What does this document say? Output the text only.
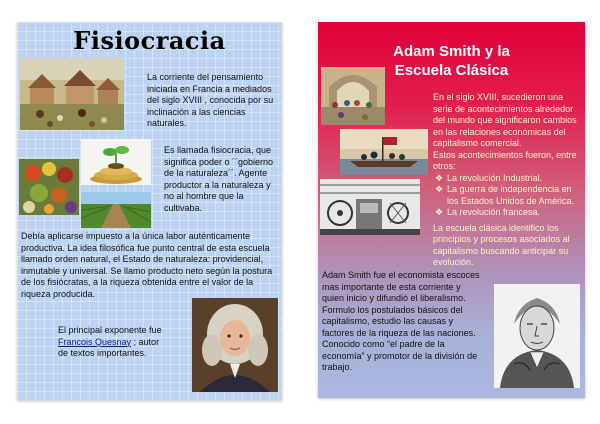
Fisiocracia
La corriente del pensamiento iniciada en Francia a mediados del siglo XVIII , conocida por su inclinación a las ciencias naturales.
Es llamada fisiocracia, que significa poder o ´´gobierno de la naturaleza´´. Agente productor a la naturaleza y no al hombre que la cultivaba.
Debía aplicarse impuesto a la única labor auténticamente productiva. La idea filosófica fue punto central de esta escuela llamado orden natural, el Estado de naturaleza: providencial, inmutable y universal. Se llamo producto neto según la postura de los fisiócratas, a la riqueza obtenida entre el valor de la riqueza producida.
El principal exponente fue Francois Quesnay ; autor de textos importantes.
Adam Smith y la
Escuela Clásica
En el siglo XVIII, sucedieron una serie de acontecimientos alrededor del mundo que significaron cambios en las relaciones económicas del capitalismo comercial.
Estos acontecimientos fueron, entre otros:
❖ La revolución Industrial.
❖ La guerra de independencia en los Estados Unidos de América.
❖ La revolución francesa.
La escuela clásica identifico los principios y procesos asociados al capitalismo buscando anticipar su evolución.
Adam Smith fue el economista escoces mas importante de esta corriente y quien inicio y difundió el liberalismo. Formulo los postulados básicos del capitalismo, estudio las causas y factores de la riqueza de las naciones. Conocido como “el padre de la economía” y promotor de la división de trabajo.
